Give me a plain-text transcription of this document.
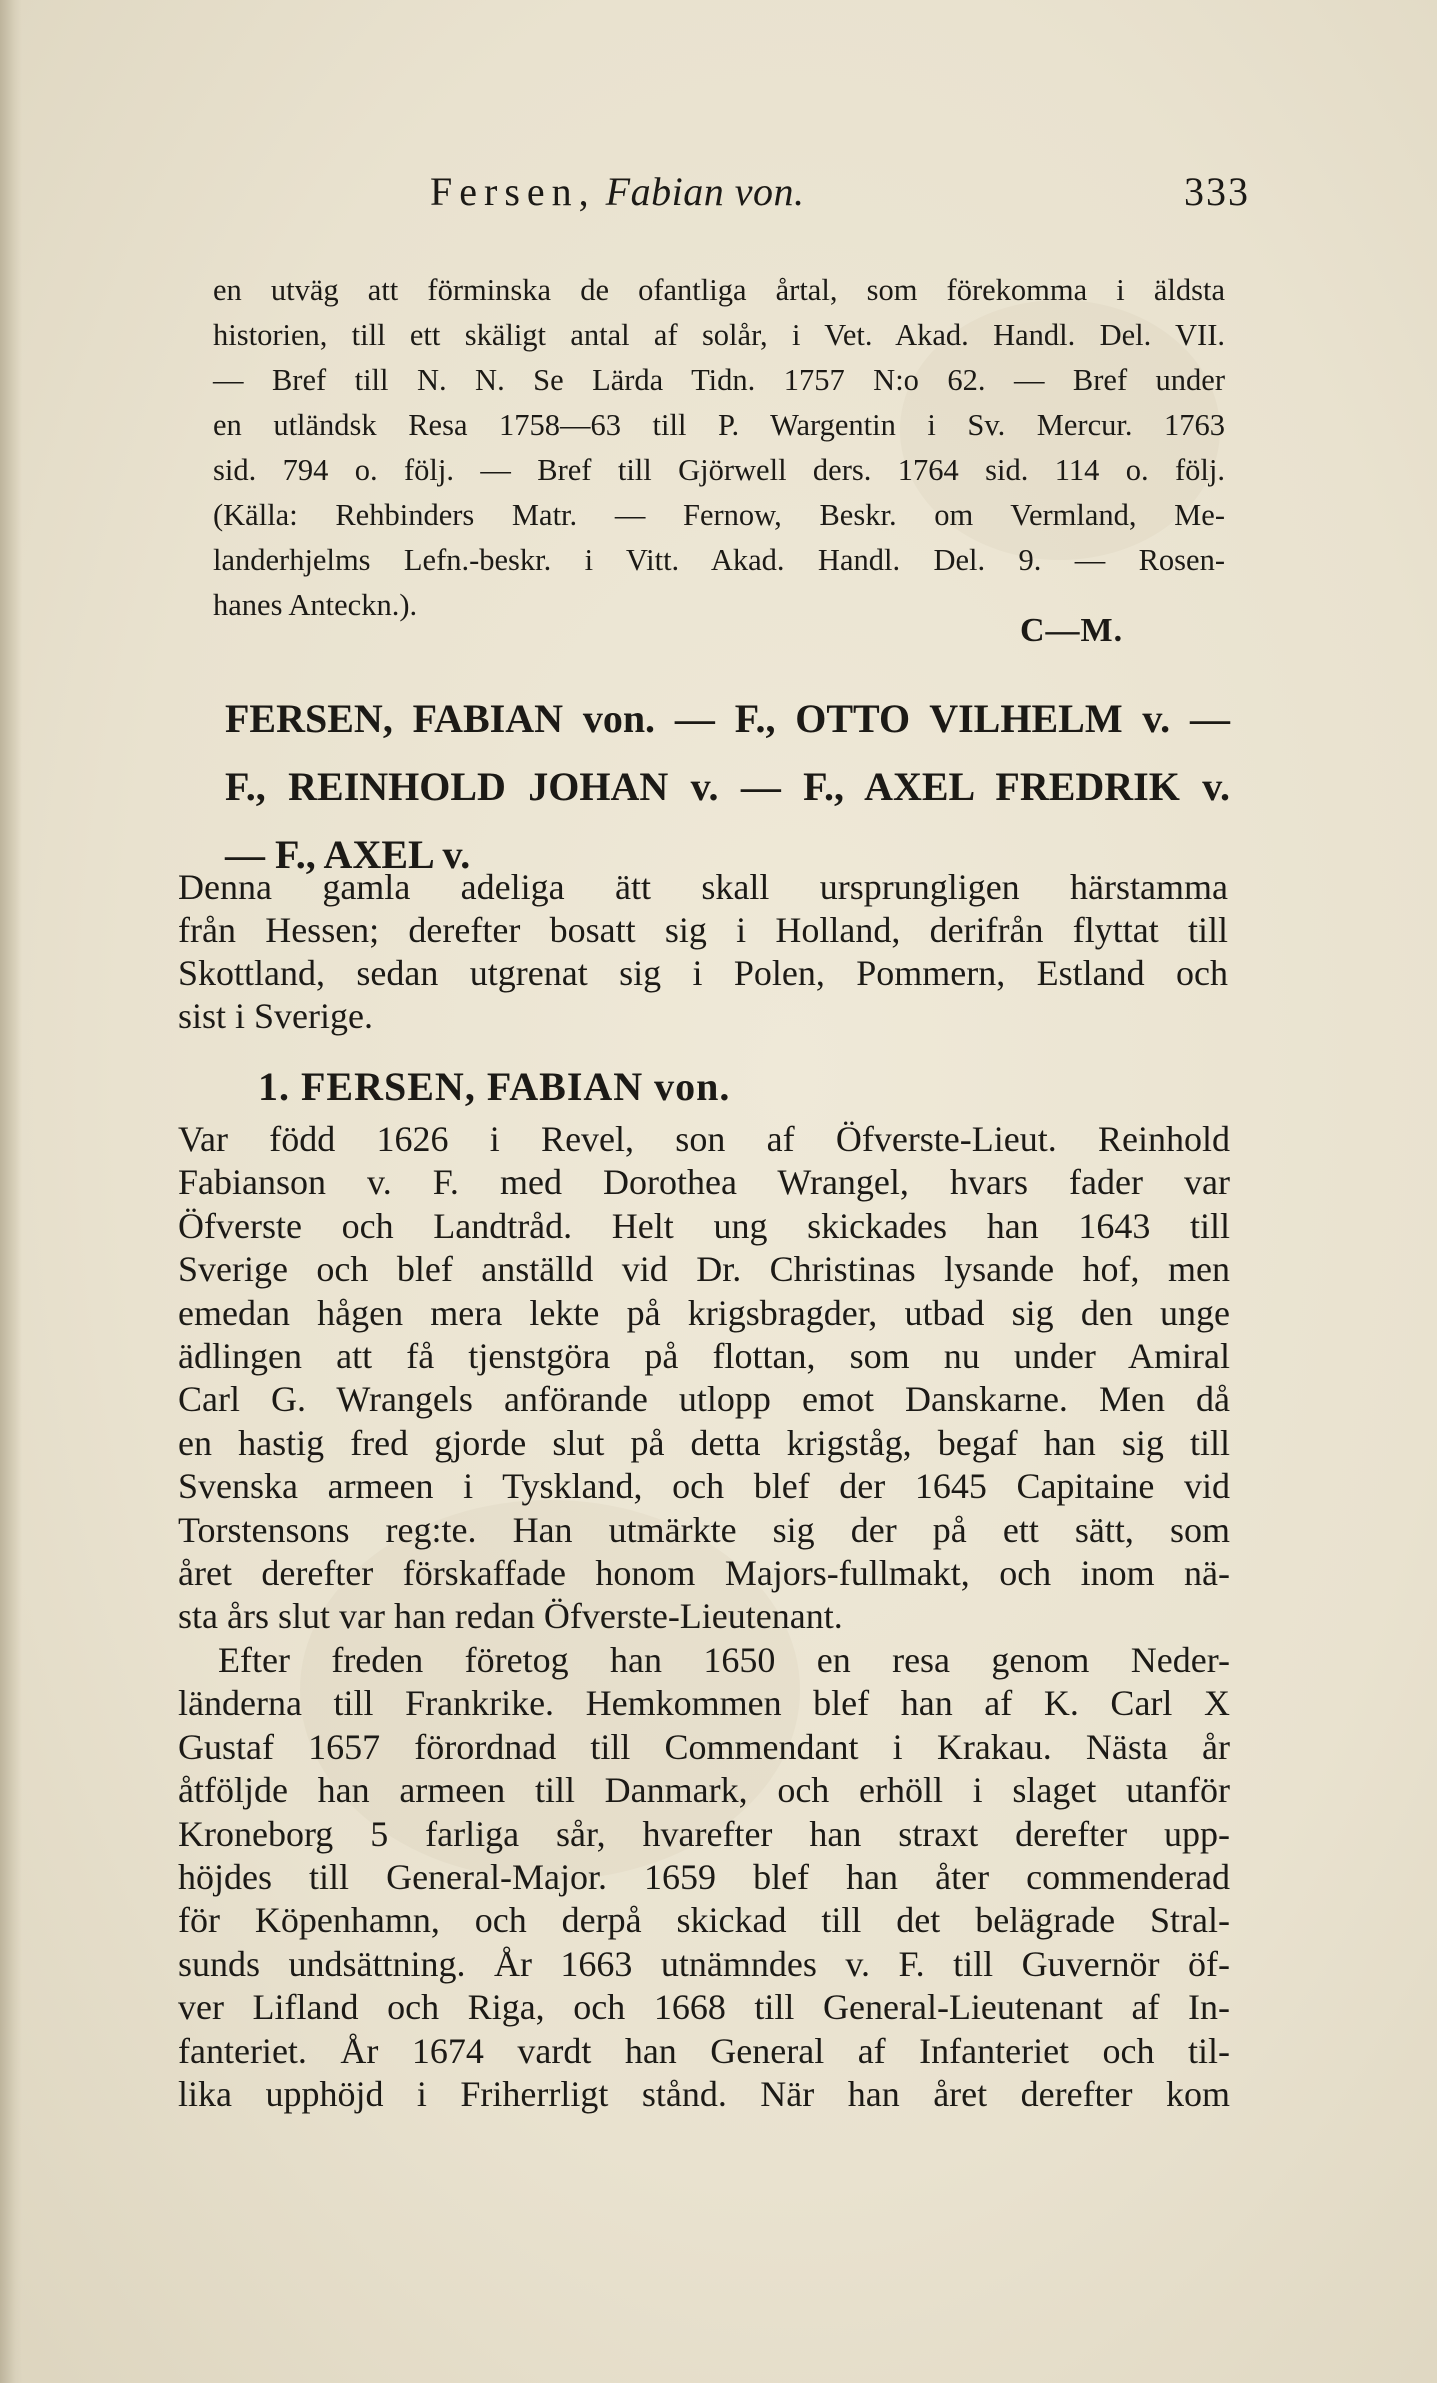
Fersen, Fabian von.	333
en utväg att förminska de ofantliga årtal, som förekomma i äldsta
historien, till ett skäligt antal af solår, i Vet. Akad. Handl. Del. VII.
— Bref till N. N. Se Lärda Tidn. 1757 N:o 62. — Bref under
en utländsk Resa 1758—63 till P. Wargentin i Sv. Mercur. 1763
sid. 794 o. följ. — Bref till Gjörwell ders. 1764 sid. 114 o. följ.
(Källa: Rehbinders Matr. — Fernow, Beskr. om Vermland, Me-
landerhjelms Lefn.-beskr. i Vitt. Akad. Handl. Del. 9. — Rosen-
hanes Anteckn.).
C—M.
FERSEN, FABIAN von. — F., OTTO VILHELM v. —
F., REINHOLD JOHAN v. — F., AXEL FREDRIK v.
— F., AXEL v.
Denna gamla adeliga ätt skall ursprungligen härstamma
från Hessen; derefter bosatt sig i Holland, derifrån flyttat till
Skottland, sedan utgrenat sig i Polen, Pommern, Estland och
sist i Sverige.
1. FERSEN, FABIAN von.
Var född 1626 i Revel, son af Öfverste-Lieut. Reinhold
Fabianson v. F. med Dorothea Wrangel, hvars fader var
Öfverste och Landtråd. Helt ung skickades han 1643 till
Sverige och blef anställd vid Dr. Christinas lysande hof, men
emedan hågen mera lekte på krigsbragder, utbad sig den unge
ädlingen att få tjenstgöra på flottan, som nu under Amiral
Carl G. Wrangels anförande utlopp emot Danskarne. Men då
en hastig fred gjorde slut på detta krigståg, begaf han sig till
Svenska armeen i Tyskland, och blef der 1645 Capitaine vid
Torstensons reg:te. Han utmärkte sig der på ett sätt, som
året derefter förskaffade honom Majors-fullmakt, och inom nä-
sta års slut var han redan Öfverste-Lieutenant.
Efter freden företog han 1650 en resa genom Neder-
länderna till Frankrike. Hemkommen blef han af K. Carl X
Gustaf 1657 förordnad till Commendant i Krakau. Nästa år
åtföljde han armeen till Danmark, och erhöll i slaget utanför
Kroneborg 5 farliga sår, hvarefter han straxt derefter upp-
höjdes till General-Major. 1659 blef han åter commenderad
för Köpenhamn, och derpå skickad till det belägrade Stral-
sunds undsättning. År 1663 utnämndes v. F. till Guvernör öf-
ver Lifland och Riga, och 1668 till General-Lieutenant af In-
fanteriet. År 1674 vardt han General af Infanteriet och til-
lika upphöjd i Friherrligt stånd. När han året derefter kom
